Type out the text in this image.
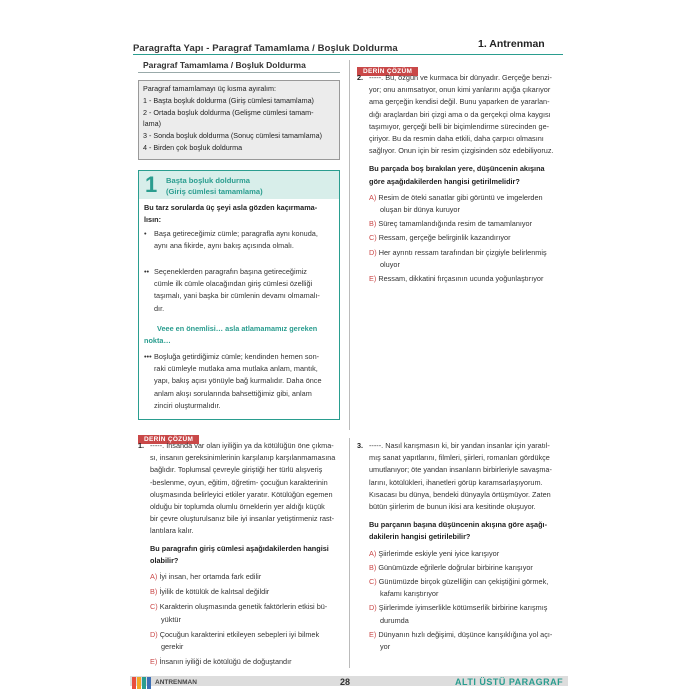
Paragrafta Yapı - Paragraf Tamamlama / Boşluk Doldurma	1. Antrenman
Paragraf Tamamlama / Boşluk Doldurma
Paragraf tamamlamayı üç kısma ayıralım:
1 - Başta boşluk doldurma (Giriş cümlesi tamamlama)
2 - Ortada boşluk doldurma (Gelişme cümlesi tamam-
lama)
3 - Sonda boşluk doldurma (Sonuç cümlesi tamamlama)
4 - Birden çok boşluk doldurma
1 Başta boşluk doldurma
(Giriş cümlesi tamamlama)
Bu tarz sorularda üç şeyi asla gözden kaçırmama-
lısın:
• Başa getireceğimiz cümle; paragrafla aynı konuda,
aynı ana fikirde, aynı bakış açısında olmalı.
•• Seçeneklerden paragrafın başına getireceğimiz
cümle ilk cümle olacağından giriş cümlesi özelliği
taşımalı, yani başka bir cümlenin devamı olmamalı-
dır.
Veee en önemlisi… asla atlamamamız gereken
nokta…
••• Boşluğa getirdiğimiz cümle; kendinden hemen son-
raki cümleyle mutlaka ama mutlaka anlam, mantık,
yapı, bakış açısı yönüyle bağ kurmalıdır. Daha önce
anlam akışı sorularında bahsettiğimiz gibi, anlam
zinciri oluşturmalıdır.
DERİN ÇÖZÜM
2. -----. Bu, özgün ve kurmaca bir dünyadır. Gerçeğe benzi-
yor; onu anımsatıyor, onun kimi yanlarını açığa çıkarıyor
ama gerçeğin kendisi değil. Bunu yaparken de yararlan-
dığı araçlardan biri çizgi ama o da gerçekçi olma kaygısı
taşımıyor, gerçeği belli bir biçimlendirme sürecinden ge-
çiriyor. Bu da resmin daha etkili, daha çarpıcı olmasını
sağlıyor. Onun için bir resim çizgisinden söz edebiliyoruz.
Bu parçada boş bırakılan yere, düşüncenin akışına
göre aşağıdakilerden hangisi getirilmelidir?
A) Resim de öteki sanatlar gibi görüntü ve imgelerden
oluşan bir dünya kuruyor
B) Süreç tamamlandığında resim de tamamlanıyor
C) Ressam, gerçeğe belirginlik kazandırıyor
D) Her ayrıntı ressam tarafından bir çizgiyle belirlenmiş
oluyor
E) Ressam, dikkatini fırçasının ucunda yoğunlaştırıyor
DERİN ÇÖZÜM
1. -----. İnsanda var olan iyiliğin ya da kötülüğün öne çıkma-
sı, insanın gereksinimlerinin karşılanıp karşılanmamasına
bağlıdır. Toplumsal çevreyle giriştiği her türlü alışveriş
-beslenme, oyun, eğitim, öğretim- çocuğun karakterinin
oluşmasında belirleyici etkiler yaratır. Kötülüğün egemen
olduğu bir toplumda olumlu örneklerin yer aldığı küçük
bir çevre oluşturulsanız bile iyi insanlar yetiştirmeniz rast-
lantılara kalır.
Bu paragrafın giriş cümlesi aşağıdakilerden hangisi
olabilir?
A) İyi insan, her ortamda fark edilir
B) İyilik de kötülük de kalıtsal değildir
C) Karakterin oluşmasında genetik faktörlerin etkisi bü-
yüktür
D) Çocuğun karakterini etkileyen sebepleri iyi bilmek
gerekir
E) İnsanın iyiliği de kötülüğü de doğuştandır
3. -----. Nasıl karışmasın ki, bir yandan insanlar için yaratıl-
mış sanat yapıtlarını, filmleri, şiirleri, romanları gördükçe
umutlanıyor; öte yandan insanların birbirleriyle savaşma-
larını, kötülükleri, ihanetleri görüp karamsarlaşıyorum.
Kısacası bu dünya, bendeki dünyayla örtüşmüyor. Zaten
bütün şiirlerim de bunun ikisi ara kesitinde oluşuyor.
Bu parçanın başına düşüncenin akışına göre aşağı-
dakilerin hangisi getirilebilir?
A) Şiirlerimde eskiyle yeni iyice karışıyor
B) Günümüzde eğrilerle doğrular birbirine karışıyor
C) Günümüzde birçok güzelliğin can çekiştiğini görmek,
kafamı karıştırıyor
D) Şiirlerimde iyimserlikle kötümserlik birbirine karışmış
durumda
E) Dünyanın hızlı değişimi, düşünce karışıklığına yol açı-
yor
ANTRENMAN	28	ALTI ÜSTÜ PARAGRAF
